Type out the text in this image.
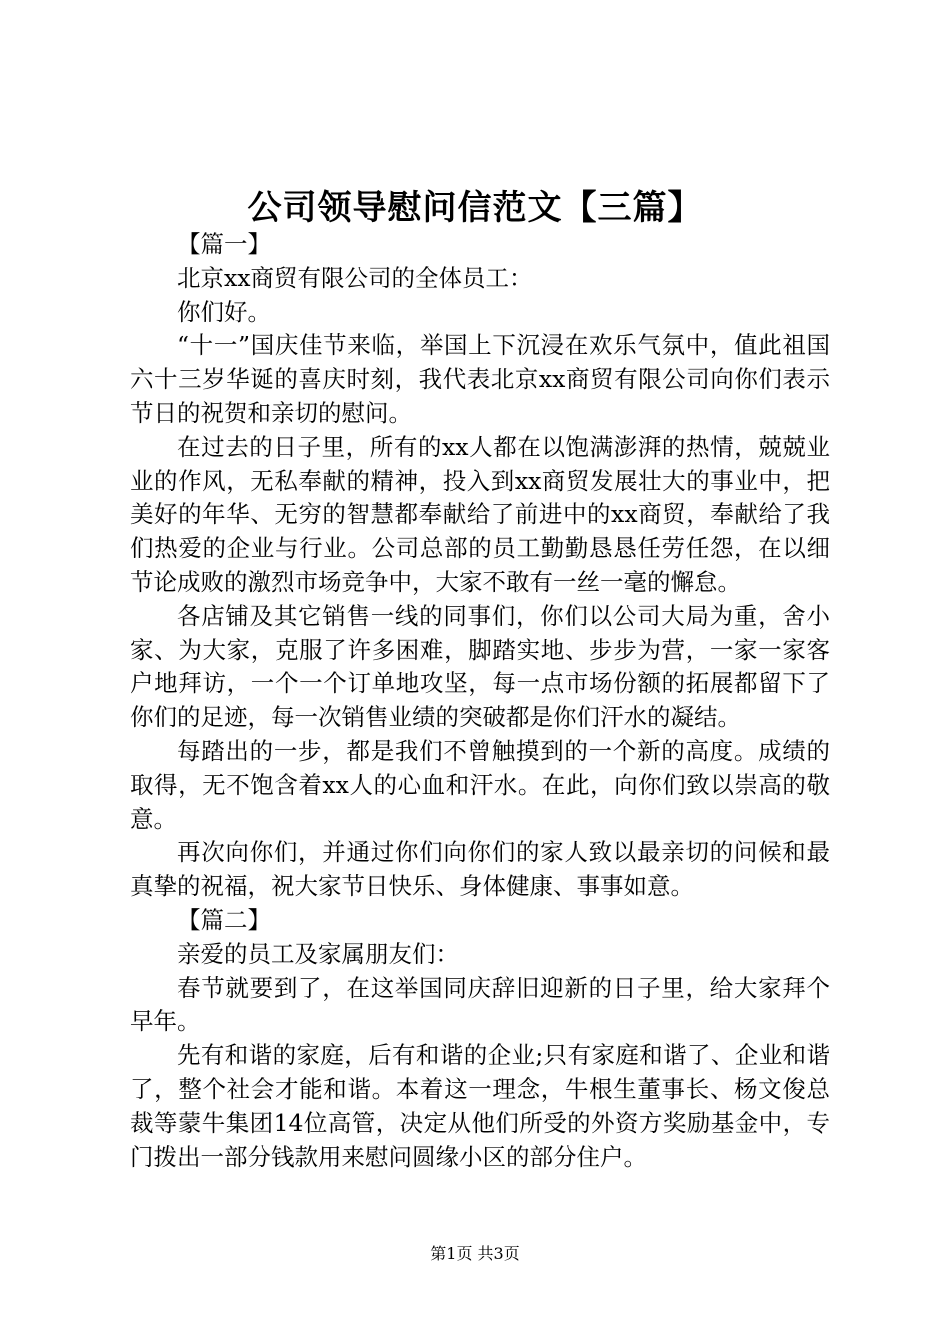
公司领导慰问信范文【三篇】

【篇一】

北京xx商贸有限公司的全体员工：

你们好。

“十一”国庆佳节来临，举国上下沉浸在欢乐气氛中，值此祖国六十三岁华诞的喜庆时刻，我代表北京xx商贸有限公司向你们表示节日的祝贺和亲切的慰问。

在过去的日子里，所有的xx人都在以饱满澎湃的热情，兢兢业业的作风，无私奉献的精神，投入到xx商贸发展壮大的事业中，把美好的年华、无穷的智慧都奉献给了前进中的xx商贸，奉献给了我们热爱的企业与行业。公司总部的员工勤勤恳恳任劳任怨，在以细节论成败的激烈市场竞争中，大家不敢有一丝一毫的懈怠。

各店铺及其它销售一线的同事们，你们以公司大局为重，舍小家、为大家，克服了许多困难，脚踏实地、步步为营，一家一家客户地拜访，一个一个订单地攻坚，每一点市场份额的拓展都留下了你们的足迹，每一次销售业绩的突破都是你们汗水的凝结。

每踏出的一步，都是我们不曾触摸到的一个新的高度。成绩的取得，无不饱含着xx人的心血和汗水。在此，向你们致以崇高的敬意。

再次向你们，并通过你们向你们的家人致以最亲切的问候和最真挚的祝福，祝大家节日快乐、身体健康、事事如意。

【篇二】

亲爱的员工及家属朋友们：

春节就要到了，在这举国同庆辞旧迎新的日子里，给大家拜个早年。

先有和谐的家庭，后有和谐的企业;只有家庭和谐了、企业和谐了，整个社会才能和谐。本着这一理念，牛根生董事长、杨文俊总裁等蒙牛集团14位高管，决定从他们所受的外资方奖励基金中，专门拨出一部分钱款用来慰问圆缘小区的部分住户。

第1页 共3页
